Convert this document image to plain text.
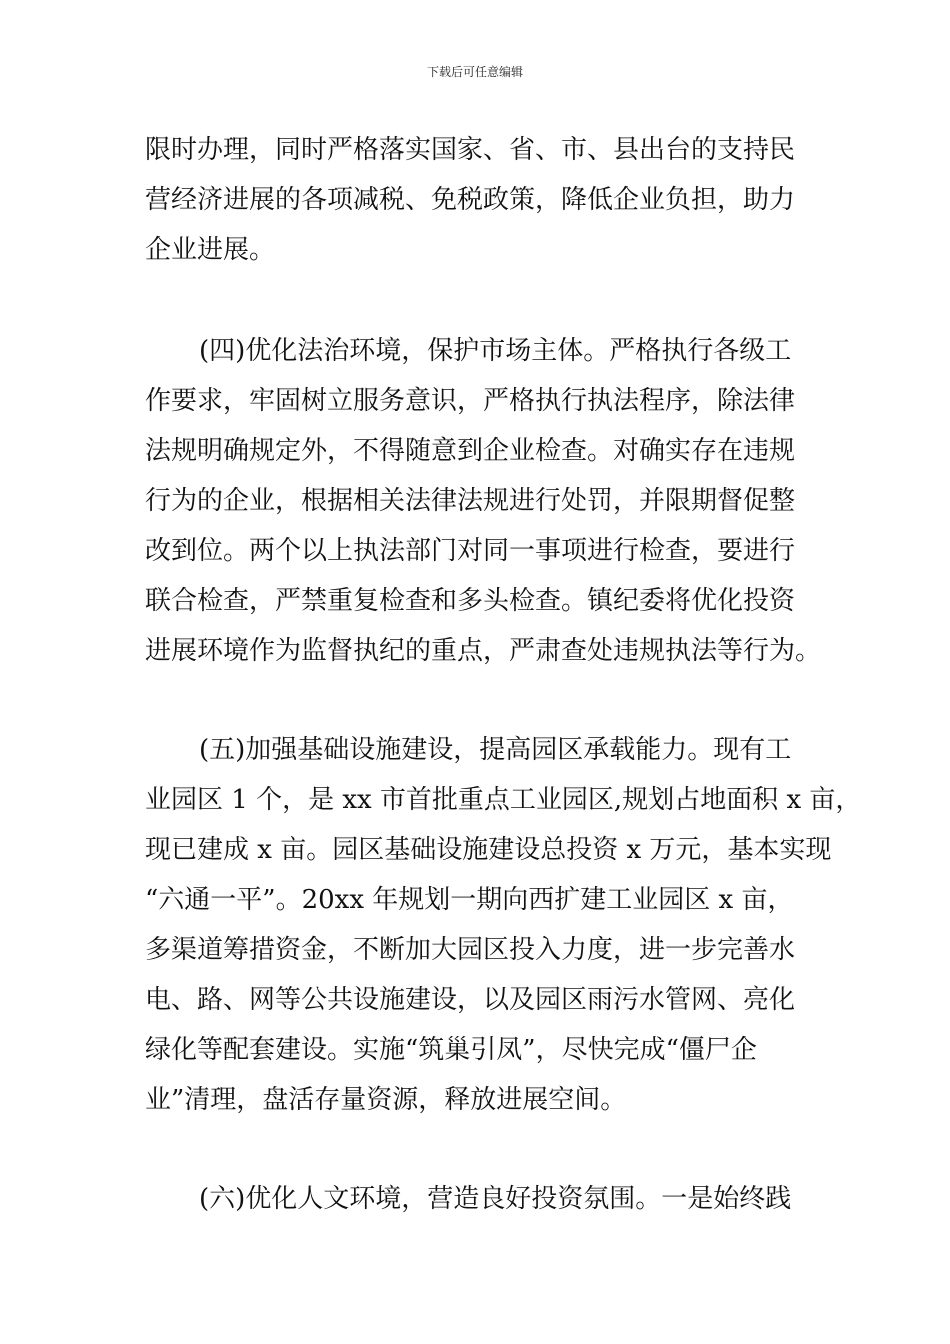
下载后可任意编辑
限时办理，同时严格落实国家、省、市、县出台的支持民
营经济进展的各项减税、免税政策，降低企业负担，助力
企业进展。
(四)优化法治环境，保护市场主体。严格执行各级工
作要求，牢固树立服务意识，严格执行执法程序，除法律
法规明确规定外，不得随意到企业检查。对确实存在违规
行为的企业，根据相关法律法规进行处罚，并限期督促整
改到位。两个以上执法部门对同一事项进行检查，要进行
联合检查，严禁重复检查和多头检查。镇纪委将优化投资
进展环境作为监督执纪的重点，严肃查处违规执法等行为。
(五)加强基础设施建设，提高园区承载能力。现有工
业园区 1 个，是 xx 市首批重点工业园区,规划占地面积 x 亩，
现已建成 x 亩。园区基础设施建设总投资 x 万元，基本实现
“六通一平”。20xx 年规划一期向西扩建工业园区 x 亩，
多渠道筹措资金，不断加大园区投入力度，进一步完善水
电、路、网等公共设施建设，以及园区雨污水管网、亮化
绿化等配套建设。实施“筑巢引凤”，尽快完成“僵尸企
业”清理，盘活存量资源，释放进展空间。
(六)优化人文环境，营造良好投资氛围。一是始终践
